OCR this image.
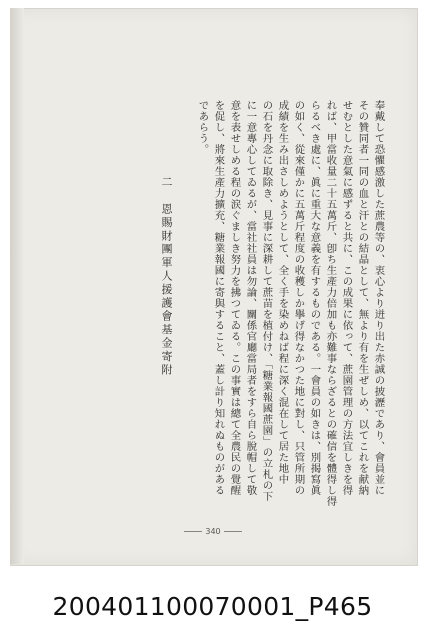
奉戴して恐懼感激した蔗農等の、衷心より迸り出た赤誠の披瀝であり、會員並に
その贊同者一同の血と汗との結晶として、無より有を生ぜしめ、以てこれを献納
せむとした意氣に感ずると共に、この成果に依って、蔗園管理の方法宜しきを得
れば、甲當收量二十五萬斤、卽ち生產力倍加も亦難事ならざるとの確信を體得し得
らるべき處に、眞に重大な意義を有するものである。一會員の如きは、別揭寫眞
の如く、從來僅かに五萬斤程度の收穫しか擧げ得なかつた地に對し、只管所期の
成績を生み出さしめようとして、全く手を染めねば程に深く混在して居た地中
の石を丹念に取除き、見事に深耕して蔗苗を植付け、「糖業報國蔗園」の立札の下
に一意專心してゐるが、當社社員は勿論、關係官廳當局者をすら自ら脫帽して敬
意を表せしめる程の涙ぐましき努力を拂つてゐる。この事實は總て全農民の覺醒
を促し、將來生產力擴充、糖業報國に寄與すること、蓋し計り知れぬものがある
であらう。
二　恩賜財團軍人援護會基金寄附
340
200401100070001_P465
